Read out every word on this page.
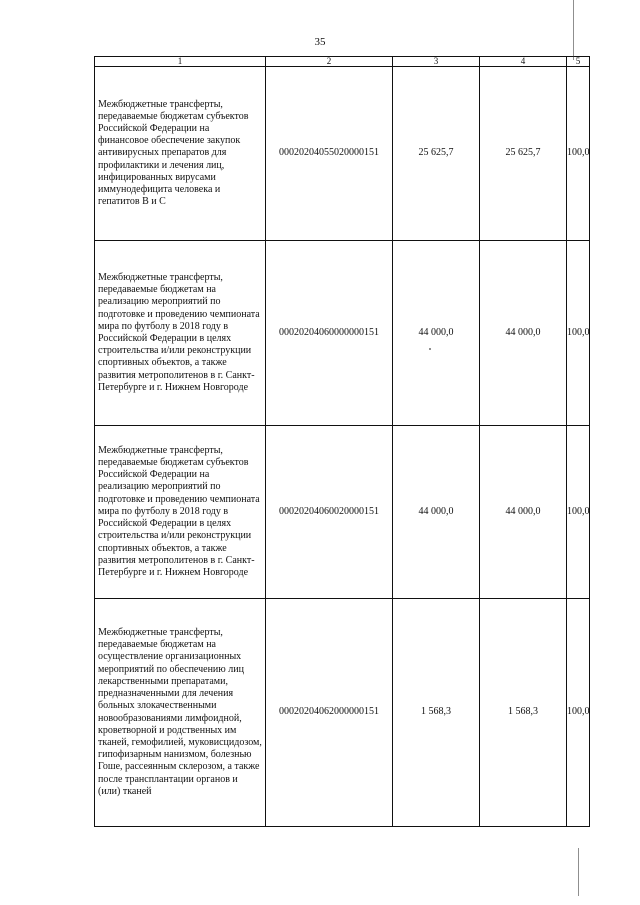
35
1	2	3	4	5
Межбюджетные трансферты, передаваемые бюджетам субъектов Российской Федерации на финансовое обеспечение закупок антивирусных препаратов для профилактики и лечения лиц, инфицированных вирусами иммунодефицита человека и гепатитов В и С	00020204055020000151	25 625,7	25 625,7	100,0
Межбюджетные трансферты, передаваемые бюджетам на реализацию мероприятий по подготовке и проведению чемпионата мира по футболу в 2018 году в Российской Федерации в целях строительства и/или реконструкции спортивных объектов, а также развития метрополитенов в г. Санкт-Петербурге и г. Нижнем Новгороде	00020204060000000151	44 000,0	44 000,0	100,0
Межбюджетные трансферты, передаваемые бюджетам субъектов Российской Федерации на реализацию мероприятий по подготовке и проведению чемпионата мира по футболу в 2018 году в Российской Федерации в целях строительства и/или реконструкции спортивных объектов, а также развития метрополитенов в г. Санкт-Петербурге и г. Нижнем Новгороде	00020204060020000151	44 000,0	44 000,0	100,0
Межбюджетные трансферты, передаваемые бюджетам на осуществление организационных мероприятий по обеспечению лиц лекарственными препаратами, предназначенными для лечения больных злокачественными новообразованиями лимфоидной, кроветворной и родственных им тканей, гемофилией, муковисцидозом, гипофизарным нанизмом, болезнью Гоше, рассеянным склерозом, а также после трансплантации органов и (или) тканей	00020204062000000151	1 568,3	1 568,3	100,0
